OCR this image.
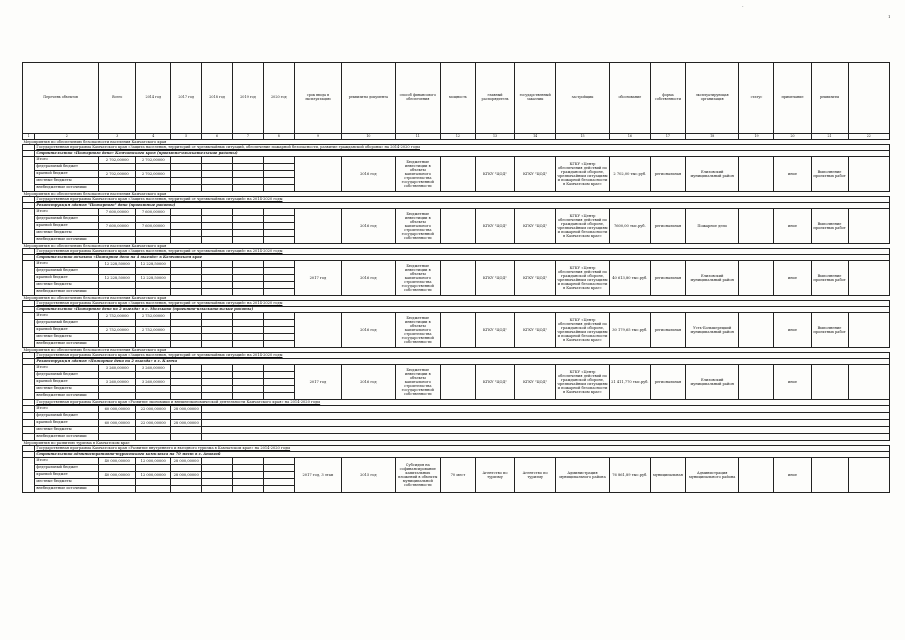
-
1
Перечень объектов		Всего	2014 год	2017 год	2018 год	2019 год	2020 год	срок ввода в эксплуатацию	реквизиты документа	способ финансового обеспечения	мощность	главный распорядитель	государственный заказчик	застройщик	обоснование	форма собственности	эксплуатирующая организация	статус	примечание	реквизиты	
1	2	3	4	5	6	7	8	9	10	11	12	13	14	15	16	17	18	19	20	21	22
Мероприятия по обеспечению безопасности населения Камчатского края																					
	Государственная программа Камчатского края «Защита населения, территорий от чрезвычайных ситуаций, обеспечение пожарной безопасности, развитие гражданской обороны» на 2014-2020 годы																				
	Строительство «Пожарного депо» Камчатского края (проектно-изыскательские работы)																				
	Итого	2 702,00000	2 702,00000						2016 год	Бюджетные инвестиции в объекты капитального строительства государственной собственности		КГКУ "ЦОД"	КГКУ "ЦОД"	КГКУ «Центр обеспечения действий по гражданской обороне, чрезвычайным ситуациям и пожарной безопасности в Камчатском крае»	2 702,00 тыс.руб.	региональная	Елизовский муниципальный район		иное	Выполнение проектных работ	
	федеральный бюджет																				
	краевой бюджет	2 702,00000	2 702,00000																		
	местные бюджеты																				
	внебюджетные источники																				
Мероприятия по обеспечению безопасности населения Камчатского края																					
	Государственная программа Камчатского края «Защита населения, территорий от чрезвычайных ситуаций» на 2014-2020 годы																				
	Реконструкция здания "Пожарного" депо (проектные работы)																				
	Итого	7 600,00000	7 600,00000						2016 год	Бюджетные инвестиции в объекты капитального строительства государственной собственности		КГКУ "ЦОД"	КГКУ "ЦОД"	КГКУ «Центр обеспечения действий по гражданской обороне, чрезвычайным ситуациям и пожарной безопасности в Камчатском крае»	7600,00 тыс.руб.	региональная	Пожарное депо		иное	Выполнение проектных работ	
	федеральный бюджет																				
	краевой бюджет	7 600,00000	7 600,00000																		
	местные бюджеты																				
	внебюджетные источники																				
Мероприятия по обеспечению безопасности населения Камчатского края																					
	Государственная программа Камчатского края «Защита населения, территорий от чрезвычайных ситуаций» на 2014-2020 годы																				
	Строительство объекта «Пожарное депо на 4 выезда» в Камчатском крае																				
	Итого	12 228,50000	12 228,50000					2017 год	2016 год	Бюджетные инвестиции в объекты капитального строительства государственной собственности		КГКУ "ЦОД"	КГКУ "ЦОД"	КГКУ «Центр обеспечения действий по гражданской обороне, чрезвычайным ситуациям и пожарной безопасности в Камчатском крае»	40 613,80 тыс.руб.	региональная	Елизовский муниципальный район		иное	Выполнение проектных работ	
	федеральный бюджет																				
	краевой бюджет	12 228,50000	12 228,50000																		
	местные бюджеты																				
	внебюджетные источники																				
Мероприятия по обеспечению безопасности населения Камчатского края																					
	Государственная программа Камчатского края «Защита населения, территорий от чрезвычайных ситуаций» на 2014-2020 годы																				
	Строительство «Пожарного депо на 2 выезда» в с. Мильково (проектно-изыскательские работы)																				
	Итого	2 752,00000	2 752,00000						2016 год	Бюджетные инвестиции в объекты капитального строительства государственной собственности		КГКУ "ЦОД"	КГКУ "ЦОД"	КГКУ «Центр обеспечения действий по гражданской обороне, чрезвычайным ситуациям и пожарной безопасности в Камчатском крае»	30 179,65 тыс.руб.	региональная	Усть-Большерецкий муниципальный район		иное	Выполнение проектных работ	
	федеральный бюджет																				
	краевой бюджет	2 752,00000	2 752,00000																		
	местные бюджеты																				
	внебюджетные источники																				
Мероприятия по обеспечению безопасности населения Камчатского края																					
	Государственная программа Камчатского края «Защита населения, территорий от чрезвычайных ситуаций» на 2014-2020 годы																				
	Реконструкция здания «Пожарное депо на 2 выезда» в с. Ключи																				
	Итого	3 260,00000	3 260,00000					2017 год	2016 год	Бюджетные инвестиции в объекты капитального строительства государственной собственности		КГКУ "ЦОД"	КГКУ "ЦОД"	КГКУ «Центр обеспечения действий по гражданской обороне, чрезвычайным ситуациям и пожарной безопасности в Камчатском крае»	21 411,770 тыс.руб.	региональная	Елизовский муниципальный район		иное		
	федеральный бюджет																				
	краевой бюджет	3 260,00000	3 260,00000																		
	местные бюджеты																				
	внебюджетные источники																				
	Государственная программа Камчатского края «Развитие экономики и внешнеэкономической деятельности Камчатского края» на 2014-2020 годы																				
	Итого	60 000,00000	22 000,00000	28 000,00000																	
	федеральный бюджет																				
	краевой бюджет	60 000,00000	22 000,00000	28 000,00000																	
	местные бюджеты																				
	внебюджетные источники																				
Мероприятия по развитию туризма в Камчатском крае																					
	Государственная программа Камчатского края «Развитие внутреннего и въездного туризма в Камчатском крае» на 2014-2020 годы																				
	Строительство административно-туристского комплекса на 70 мест в с. Анавгай																				
	Итого	40 000,00000	12 000,00000	28 000,00000				2017 год, 3 этап	2015 год	Субсидия на софинансирование капитальных вложений в объекты муниципальной собственности	70 мест	Агентство по туризму	Агентство по туризму	Администрация муниципального района	76 861,89 тыс.руб.	муниципальная	Администрация муниципального района		иное		
	федеральный бюджет																				
	краевой бюджет	40 000,00000	12 000,00000	28 000,00000																	
	местные бюджеты																				
	внебюджетные источники																				
